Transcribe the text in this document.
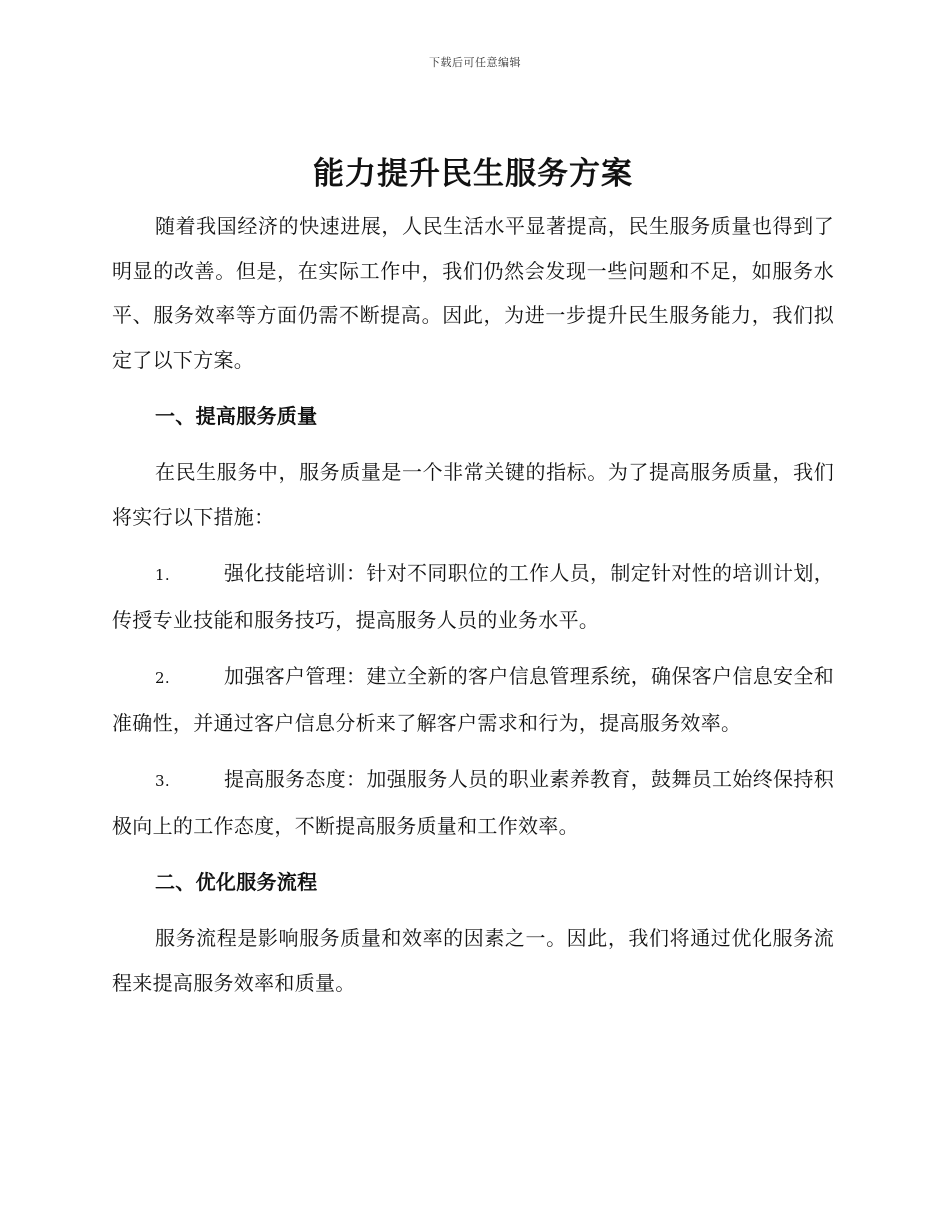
下载后可任意编辑
能力提升民生服务方案

随着我国经济的快速进展，人民生活水平显著提高，民生服务质量也得到了明显的改善。但是，在实际工作中，我们仍然会发现一些问题和不足，如服务水平、服务效率等方面仍需不断提高。因此，为进一步提升民生服务能力，我们拟定了以下方案。

一、提高服务质量

在民生服务中，服务质量是一个非常关键的指标。为了提高服务质量，我们将实行以下措施：

1.	强化技能培训：针对不同职位的工作人员，制定针对性的培训计划，传授专业技能和服务技巧，提高服务人员的业务水平。

2.	加强客户管理：建立全新的客户信息管理系统，确保客户信息安全和准确性，并通过客户信息分析来了解客户需求和行为，提高服务效率。

3.	提高服务态度：加强服务人员的职业素养教育，鼓舞员工始终保持积极向上的工作态度，不断提高服务质量和工作效率。

二、优化服务流程

服务流程是影响服务质量和效率的因素之一。因此，我们将通过优化服务流程来提高服务效率和质量。
